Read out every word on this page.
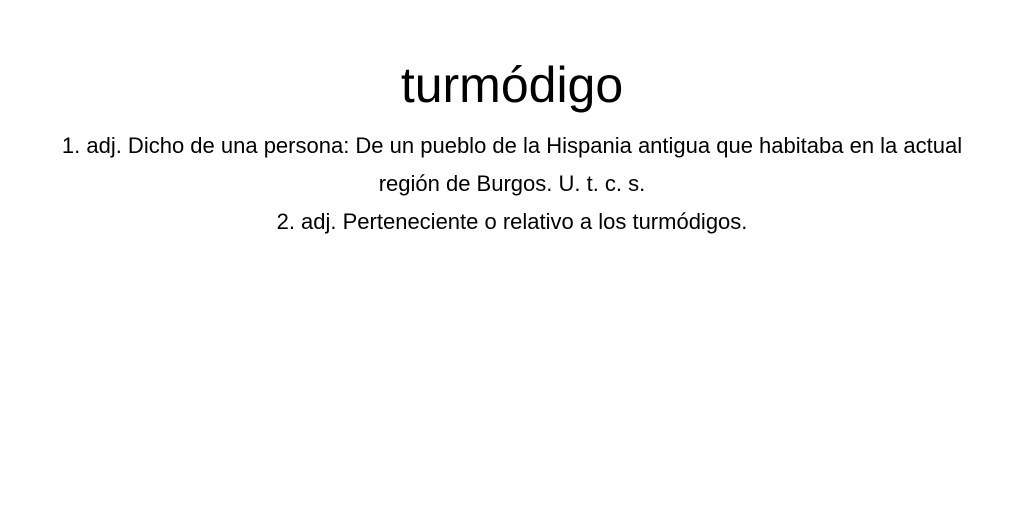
turmódigo
1. adj. Dicho de una persona: De un pueblo de la Hispania antigua que habitaba en la actual región de Burgos. U. t. c. s.
2. adj. Perteneciente o relativo a los turmódigos.
